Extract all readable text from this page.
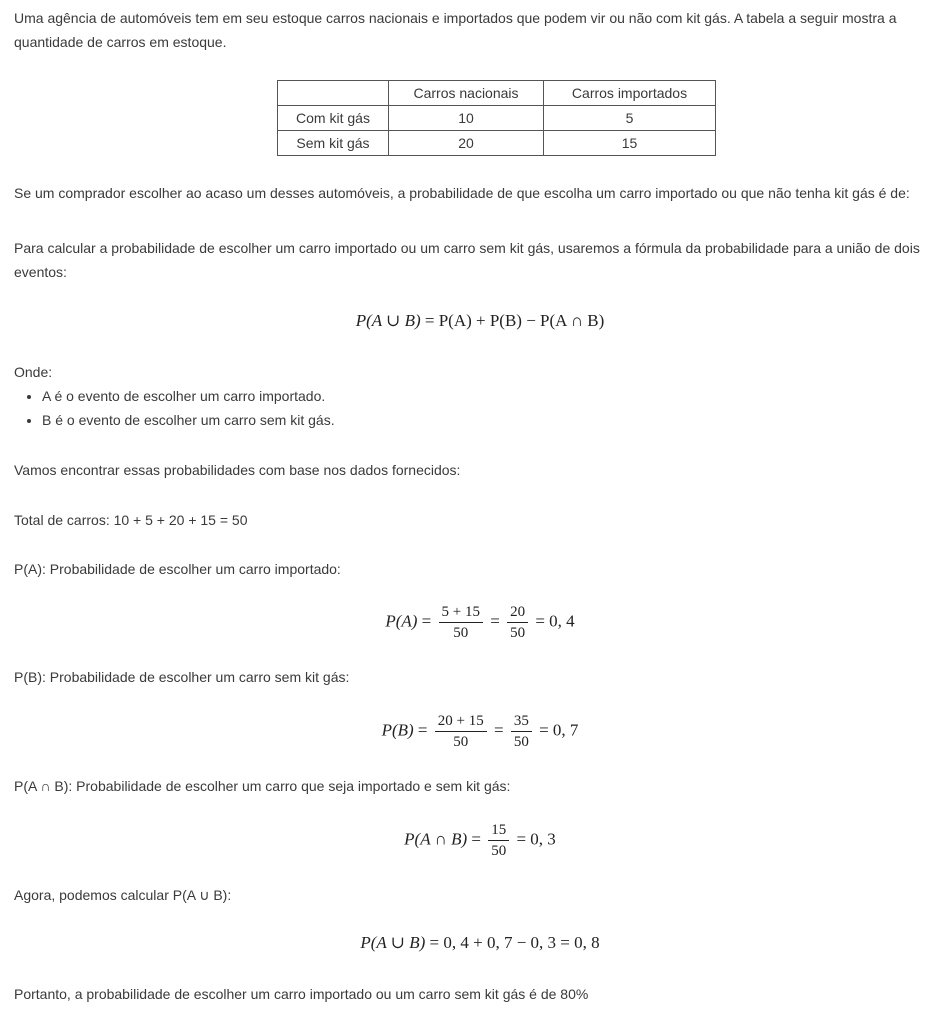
Uma agência de automóveis tem em seu estoque carros nacionais e importados que podem vir ou não com kit gás. A tabela a seguir mostra a quantidade de carros em estoque.

	Carros nacionais	Carros importados
Com kit gás	10	5
Sem kit gás	20	15

Se um comprador escolher ao acaso um desses automóveis, a probabilidade de que escolha um carro importado ou que não tenha kit gás é de:

Para calcular a probabilidade de escolher um carro importado ou um carro sem kit gás, usaremos a fórmula da probabilidade para a união de dois eventos:

P(A ∪ B) = P(A) + P(B) − P(A ∩ B)

Onde:

• A é o evento de escolher um carro importado.
• B é o evento de escolher um carro sem kit gás.

Vamos encontrar essas probabilidades com base nos dados fornecidos:

Total de carros: 10 + 5 + 20 + 15 = 50

P(A): Probabilidade de escolher um carro importado:

$P(A) = \frac{5 + 15}{50} = \frac{20}{50} = 0$, 4

P(B): Probabilidade de escolher um carro sem kit gás:

$P(B) = \frac{20 + 15}{50} = \frac{35}{50} = 0$, 7

P(A ∩ B): Probabilidade de escolher um carro que seja importado e sem kit gás:

P(A ∩ $B) = \frac{15}{50} = 0$, 3

Agora, podemos calcular P(A ∪ B):

P(A ∪ B) = 0, 4 + 0, 7 − 0, 3 = 0, 8

Portanto, a probabilidade de escolher um carro importado ou um carro sem kit gás é de 80%
